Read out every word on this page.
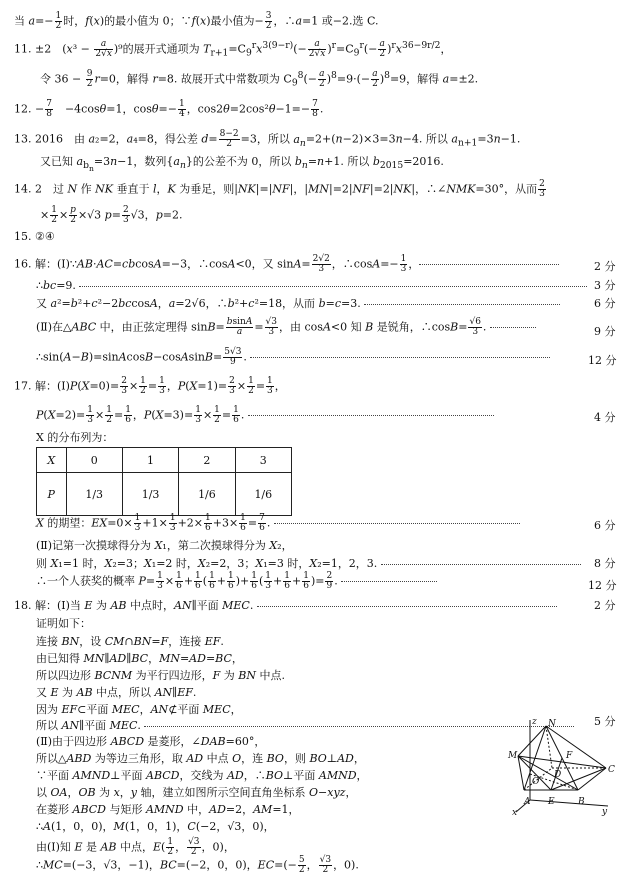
当 $a=- \frac{1}{2}$ 时，f(x)的最小值为 0；∵f(x)最小值为− $\frac{3}{2}$ ，∴a=1 或−2.选 C.
11. ±2　$(x^3 - \frac{a}{2√x} )^9$的展开式通项为 $T_{r+1}=C_9^rx^{3(9-r)}(- \frac{a}{2√x} )^r=C_9^r(- \frac{a}{2} )^rx^{36-9r/2}$，
令 $36 - \frac{9}{2} r=0$，解得 r=8. 故展开式中常数项为 $C_9^8(- \frac{a}{2} )^8=9\cdot(- \frac{a}{2} )^8=9$，解得 a=±2.
12. − $\frac{7}{8}$ 　−4cosθ=1，$\cos\theta=- \frac{1}{4}$ ，$\cos 2\theta=2\cos^2\theta-1=- \frac{7}{8}$ .
13. 2016　由 a₂=2，a₄=8，得公差 $d= \frac{8-2}{2} =3$，所以 $a_n=2+(n-2)\times 3=3n-4$. 所以 $a_{n+1}=3n-1$.
又已知 $a_{b_n}=3n-1$，数列$\{a_n\}$的公差不为 0，所以 $b_n=n+1$. 所以 $b_{2015}=2016$.
14. 2　过 N 作 NK 垂直于 l，K 为垂足，则|NK|=|NF|，|MN|=2|NF|=2|NK|，∴∠NMK=30°，从而 $\frac{2}{3}$
× $\frac{1}{2} \times \frac{p}{2} \times√3$ $p= \frac{2}{3} √3$，p=2.
15. ②④
16. 解：(Ⅰ)∵AB·AC=cbcosA=−3，∴cosA<0，又 $\sin A= \frac{2√2}{3}$ ，∴cosA=− $\frac{1}{3}$ ，	2 分
∴bc=9.	3 分
又 a²=b²+c²−2bccosA，a=2√6，∴b²+c²=18，从而 b=c=3.	6 分
(Ⅱ)在△ABC 中，由正弦定理得 $\sin B= \frac{bsinA}{a} = \frac{√3}{3}$ ，由 cosA<0 知 B 是锐角，∴cosB= $\frac{√6}{3}$ .	9 分
∴sin(A−B)=sinAcosB−cosAsinB= $\frac{5√3}{9}$ .	12 分
17. 解：(Ⅰ)P(X=0)= $\frac{2}{3} \times \frac{1}{2} = \frac{1}{3}$ ，$P(X=1)= \frac{2}{3} \times \frac{1}{2} = \frac{1}{3}$ ，
$P(X=2)= \frac{1}{3} \times \frac{1}{2} = \frac{1}{6}$ ，$P(X=3)= \frac{1}{3} \times \frac{1}{2} = \frac{1}{6}$ .	4 分
X 的分布列为：
X	0	1	2	3
P	1/3	1/3	1/6	1/6
X 的期望：$EX=0\times \frac{1}{3} +1\times \frac{1}{3} +2\times \frac{1}{6} +3\times \frac{1}{6} = \frac{7}{6}$ .	6 分
(Ⅱ)记第一次摸球得分为 X₁，第二次摸球得分为 X₂，
则 X₁=1 时，X₂=3；X₁=2 时，X₂=2，3；X₁=3 时，X₂=1，2，3.	8 分
∴一个人获奖的概率 $P= \frac{1}{3} \times \frac{1}{6} + \frac{1}{6}$ ( $\frac{1}{6} + \frac{1}{6}$ )+ $\frac{1}{6}$ ( $\frac{1}{3} + \frac{1}{6} + \frac{1}{6}$ )= $\frac{2}{9}$ .	12 分
18. 解：(Ⅰ)当 E 为 AB 中点时，AN∥平面 MEC.	2 分
证明如下：
连接 BN，设 CM∩BN=F，连接 EF.
由已知得 MN∥AD∥BC，MN=AD=BC，
所以四边形 BCNM 为平行四边形，F 为 BN 中点.
又 E 为 AB 中点，所以 AN∥EF.
因为 EF⊂平面 MEC，AN⊄平面 MEC，
所以 AN∥平面 MEC.	5 分
(Ⅱ)由于四边形 ABCD 是菱形，∠DAB=60°，
所以△ABD 为等边三角形，取 AD 中点 O，连 BO，则 BO⊥AD，
∵平面 AMND⊥平面 ABCD，交线为 AD，∴BO⊥平面 AMND，
以 OA，OB 为 x，y 轴，建立如图所示空间直角坐标系 O−xyz，
在菱形 ABCD 与矩形 AMND 中，AD=2，AM=1，
∴A(1，0，0)，M(1，0，1)，C(−2，√3，0)，
由(Ⅰ)知 E 是 AB 中点，$E( \frac{1}{2}$ ， $\frac{√3}{2}$ ，0)，
∴MC=(−3，√3，−1)，BC=(−2，0，0)，$EC=(- \frac{5}{2}$ ， $\frac{√3}{2}$ ，0).
z N
M	F
D
O
C
A E	B
x	y
